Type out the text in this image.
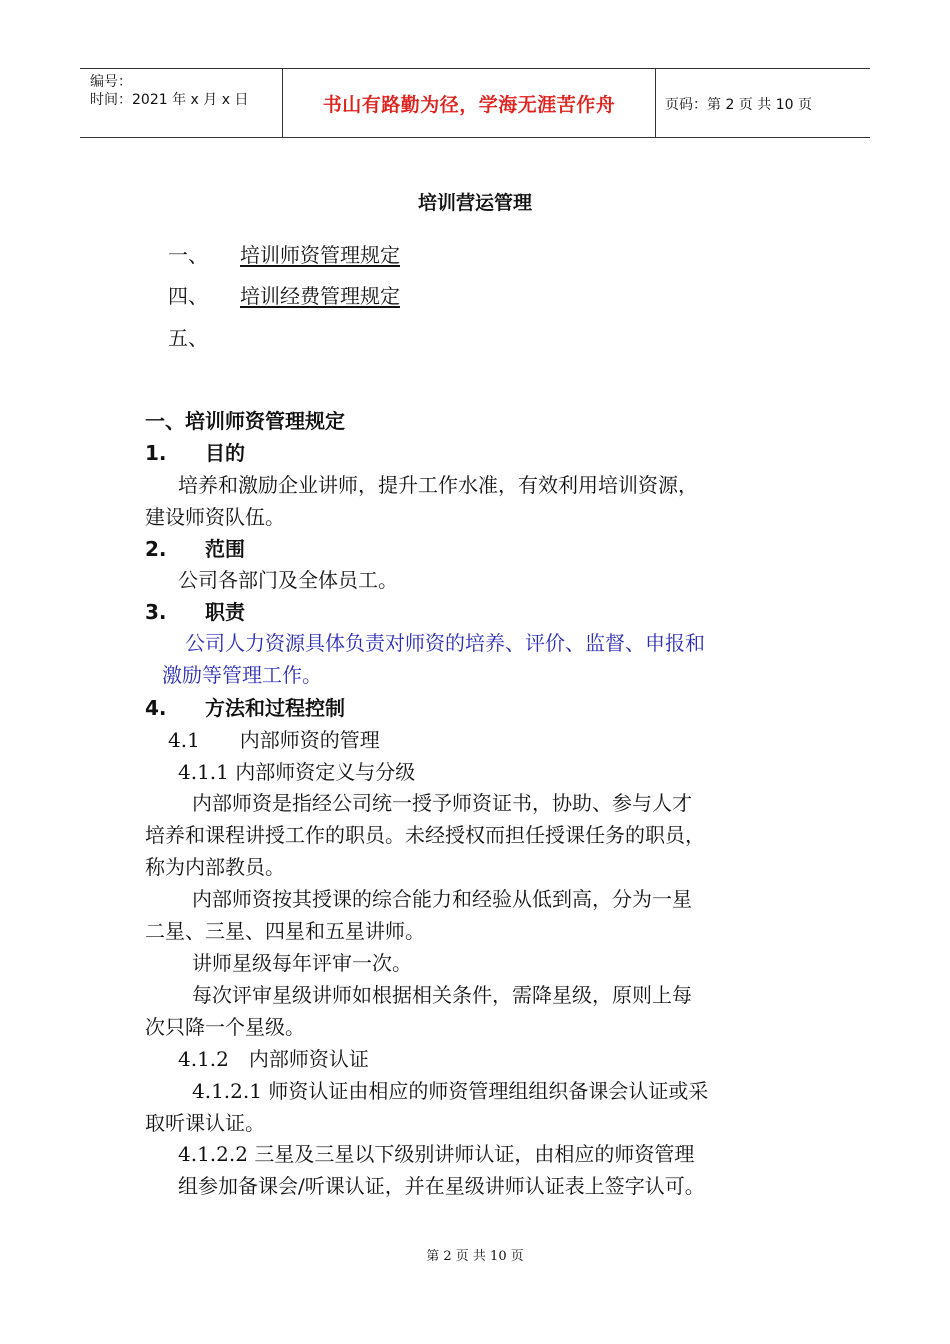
编号：
时间：2021 年 x 月 x 日	书山有路勤为径，学海无涯苦作舟	页码：第 2 页 共 10 页
培训营运管理
一、 培训师资管理规定
四、 培训经费管理规定
五、
一、培训师资管理规定
1. 目的
培养和激励企业讲师，提升工作水准，有效利用培训资源，
建设师资队伍。
2. 范围
公司各部门及全体员工。
3. 职责
公司人力资源具体负责对师资的培养、评价、监督、申报和
激励等管理工作。
4. 方法和过程控制
4.1　　内部师资的管理
4.1.1 内部师资定义与分级
内部师资是指经公司统一授予师资证书，协助、参与人才
培养和课程讲授工作的职员。未经授权而担任授课任务的职员，
称为内部教员。
内部师资按其授课的综合能力和经验从低到高，分为一星
二星、三星、四星和五星讲师。
讲师星级每年评审一次。
每次评审星级讲师如根据相关条件，需降星级，原则上每
次只降一个星级。
4.1.2　内部师资认证
4.1.2.1 师资认证由相应的师资管理组组织备课会认证或采
取听课认证。
4.1.2.2 三星及三星以下级别讲师认证，由相应的师资管理
组参加备课会/听课认证，并在星级讲师认证表上签字认可。
第 2 页 共 10 页
